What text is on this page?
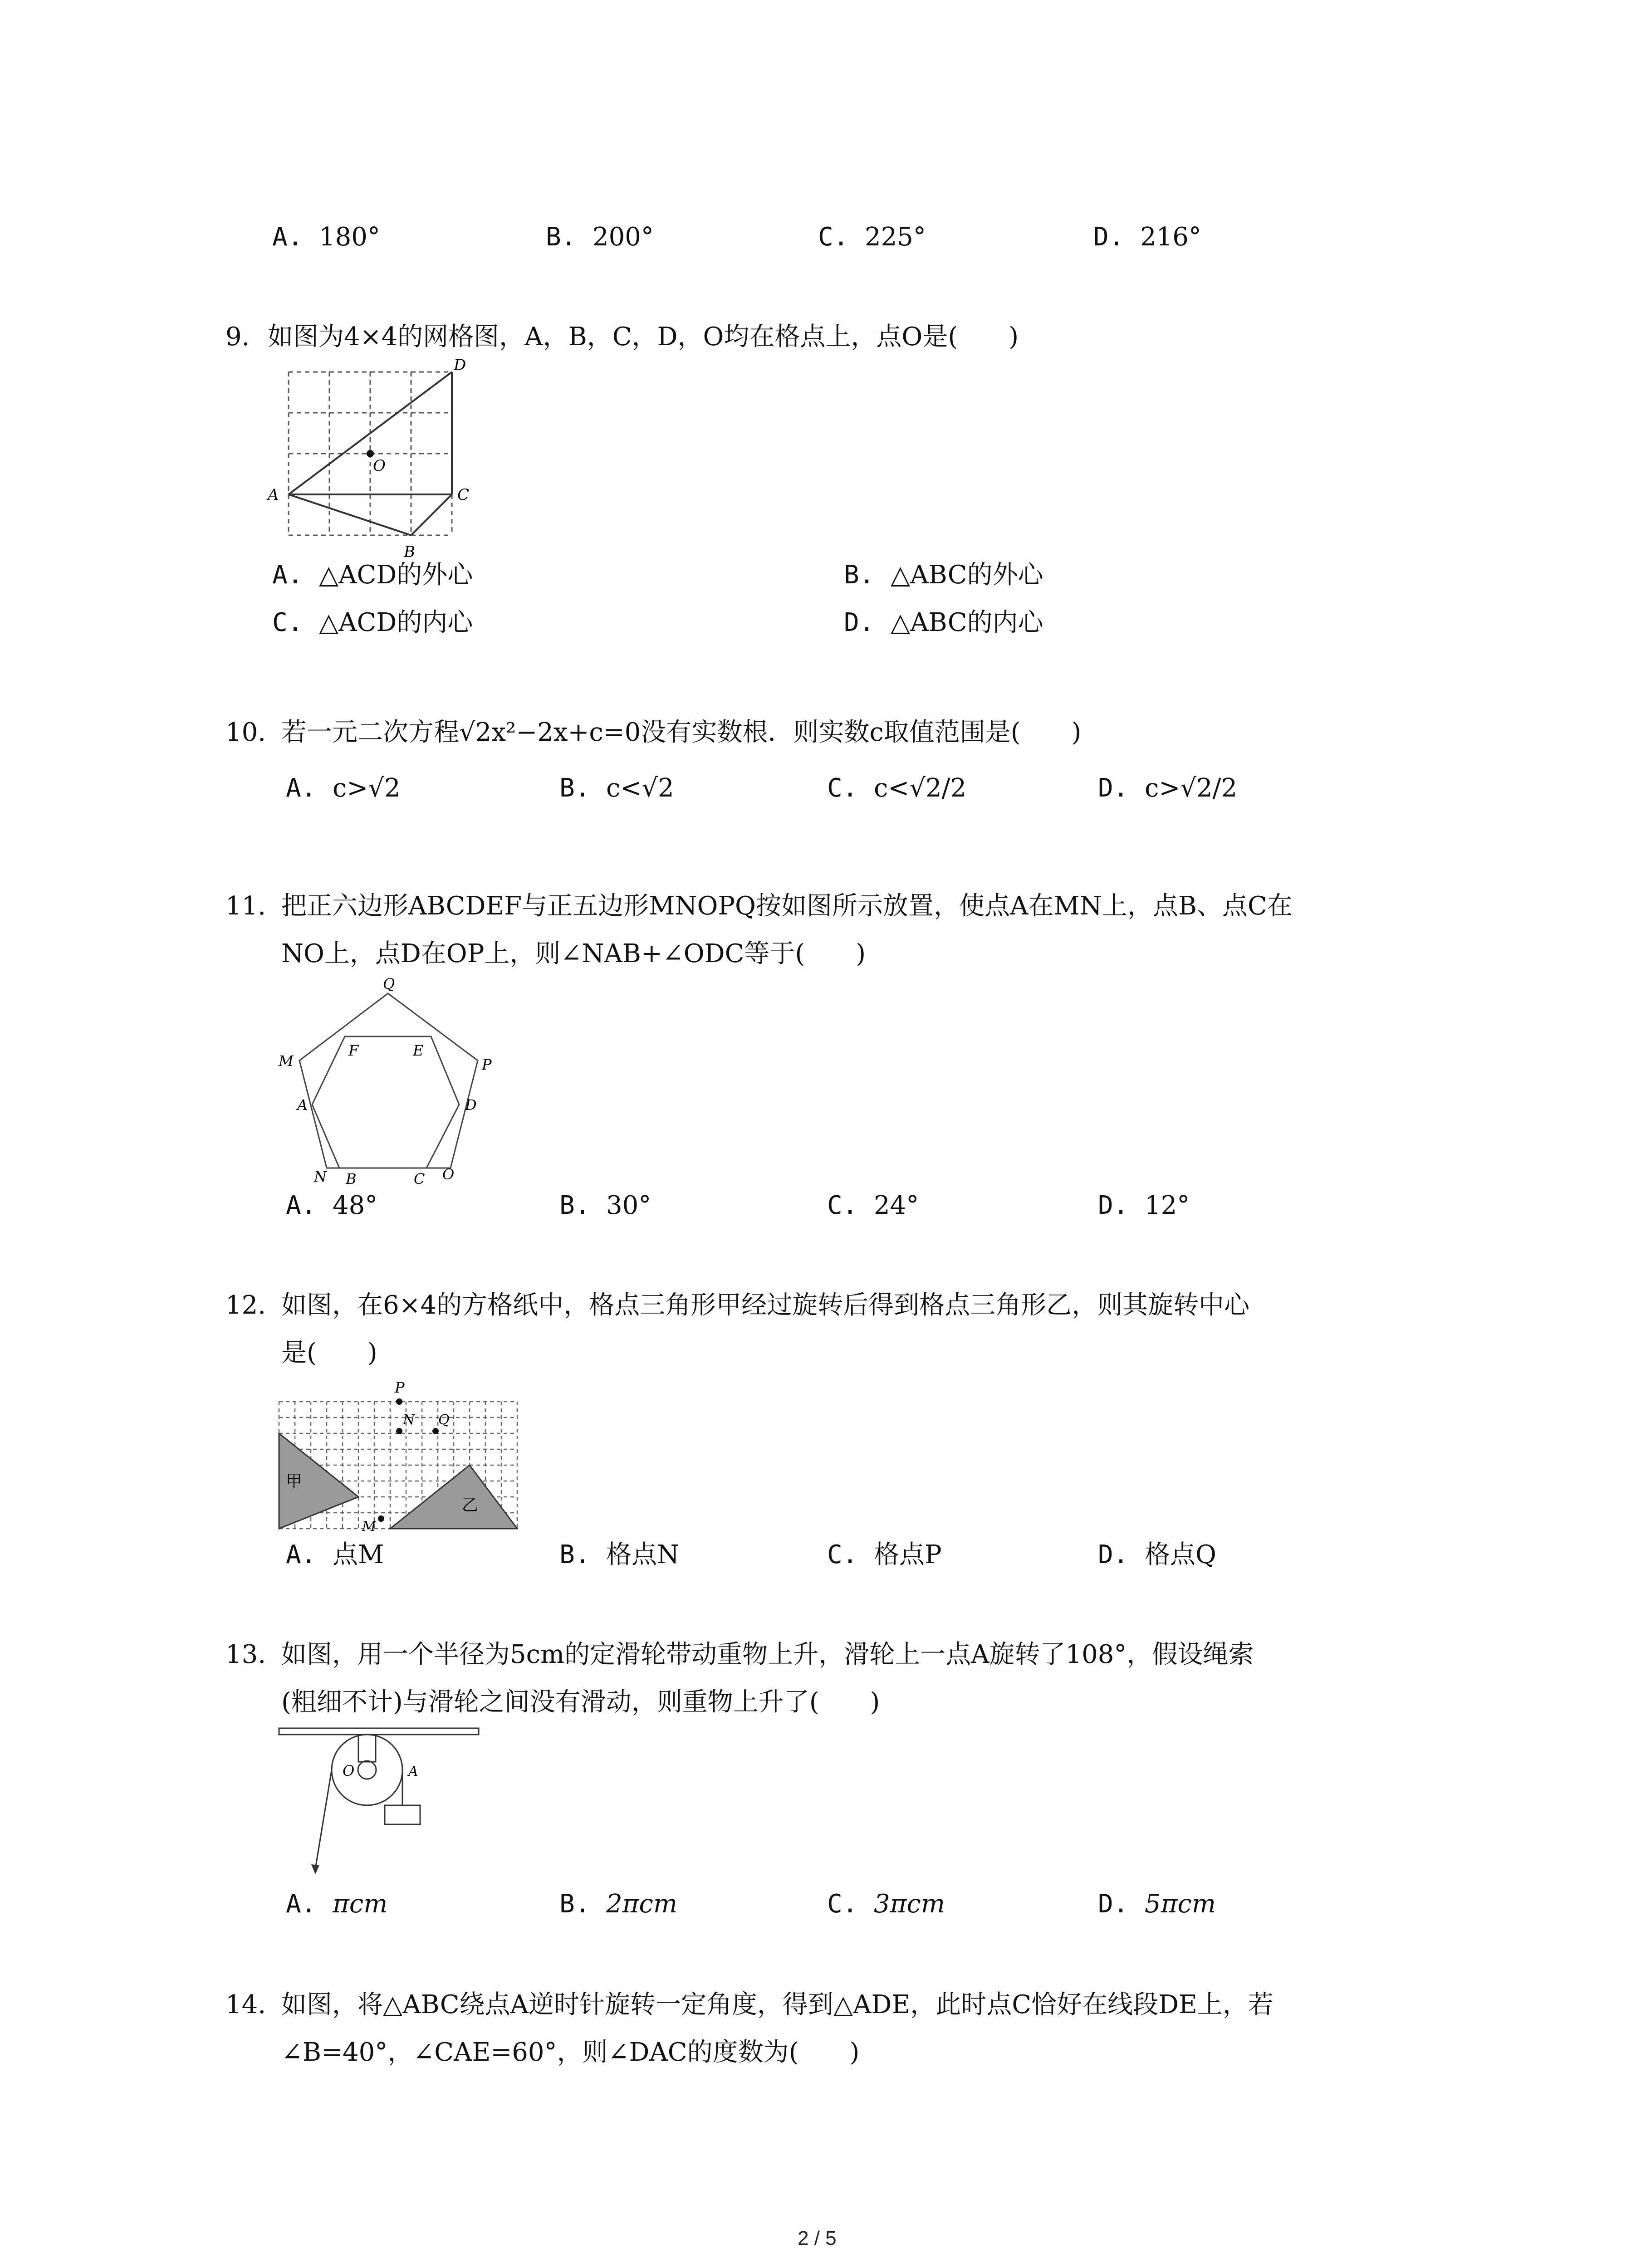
A. 180°	B. 200°	C. 225°	D. 216°
9. 如图为4×4的网格图，A，B，C，D，O均在格点上，点O是(　　)
D
O
A	C
B
A. △ACD的外心	B. △ABC的外心
C. △ACD的内心	D. △ABC的内心
10. 若一元二次方程√2x²−2x+c=0没有实数根．则实数c取值范围是(　　)
A. c>√2	B. c<√2	C. c<√2/2	D. c>√2/2
11. 把正六边形ABCDEF与正五边形MNOPQ按如图所示放置，使点A在MN上，点B、点C在
NO上，点D在OP上，则∠NAB+∠ODC等于(　　)
Q
M	P
F	E
A	D
N B	C O
A. 48°	B. 30°	C. 24°	D. 12°
12. 如图，在6×4的方格纸中，格点三角形甲经过旋转后得到格点三角形乙，则其旋转中心
是(　　)
甲
乙
P
N Q
M
A. 点M	B. 格点N	C. 格点P	D. 格点Q
13. 如图，用一个半径为5cm的定滑轮带动重物上升，滑轮上一点A旋转了108°，假设绳索
(粗细不计)与滑轮之间没有滑动，则重物上升了(　　)
O	A
A. πcm	B. 2πcm	C. 3πcm	D. 5πcm
14. 如图，将△ABC绕点A逆时针旋转一定角度，得到△ADE，此时点C恰好在线段DE上，若
∠B=40°，∠CAE=60°，则∠DAC的度数为(　　)
2 / 5
